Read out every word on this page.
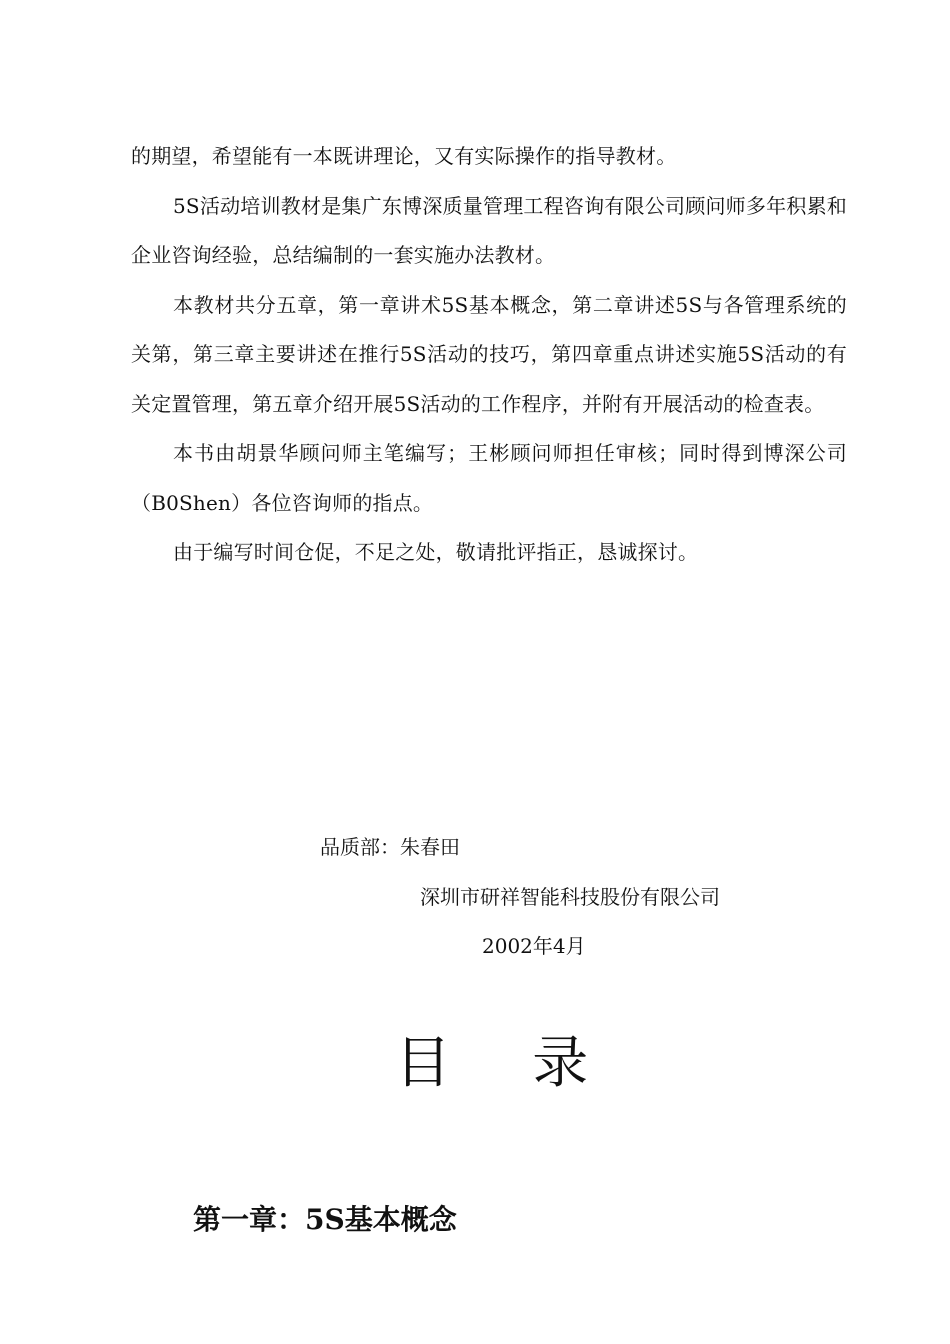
的期望，希望能有一本既讲理论，又有实际操作的指导教材。

5S活动培训教材是集广东博深质量管理工程咨询有限公司顾问师多年积累和企业咨询经验，总结编制的一套实施办法教材。

本教材共分五章，第一章讲术5S基本概念，第二章讲述5S与各管理系统的关第，第三章主要讲述在推行5S活动的技巧，第四章重点讲述实施5S活动的有关定置管理，第五章介绍开展5S活动的工作程序，并附有开展活动的检查表。

本书由胡景华顾问师主笔编写；王彬顾问师担任审核；同时得到博深公司（B0Shen）各位咨询师的指点。

由于编写时间仓促，不足之处，敬请批评指正，恳诚探讨。

品质部：朱春田
深圳市研祥智能科技股份有限公司
2002年4月
目    录
第一章：5S基本概念
